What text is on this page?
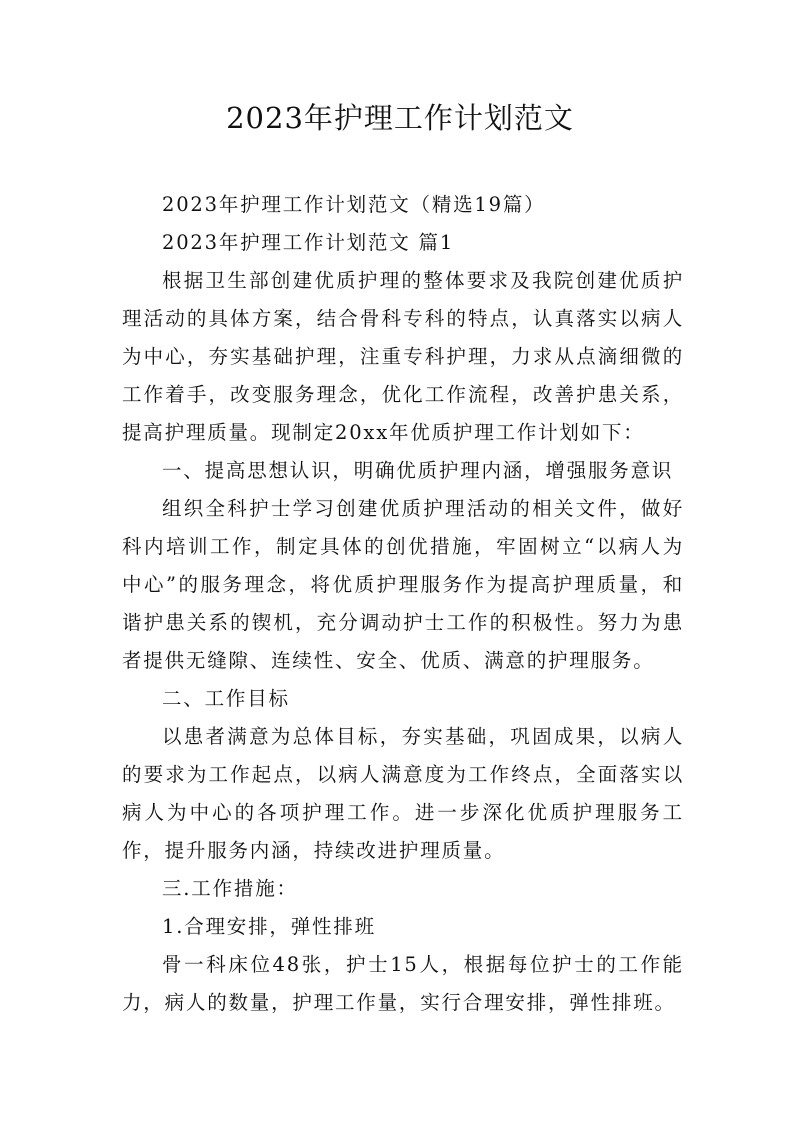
2023年护理工作计划范文

2023年护理工作计划范文（精选19篇）

2023年护理工作计划范文 篇1

根据卫生部创建优质护理的整体要求及我院创建优质护理活动的具体方案，结合骨科专科的特点，认真落实以病人为中心，夯实基础护理，注重专科护理，力求从点滴细微的工作着手，改变服务理念，优化工作流程，改善护患关系，提高护理质量。现制定20xx年优质护理工作计划如下：

一、提高思想认识，明确优质护理内涵，增强服务意识

组织全科护士学习创建优质护理活动的相关文件，做好科内培训工作，制定具体的创优措施，牢固树立“以病人为中心”的服务理念，将优质护理服务作为提高护理质量，和谐护患关系的锲机，充分调动护士工作的积极性。努力为患者提供无缝隙、连续性、安全、优质、满意的护理服务。

二、工作目标

以患者满意为总体目标，夯实基础，巩固成果，以病人的要求为工作起点，以病人满意度为工作终点，全面落实以病人为中心的各项护理工作。进一步深化优质护理服务工作，提升服务内涵，持续改进护理质量。

三.工作措施：

1.合理安排，弹性排班

骨一科床位48张，护士15人，根据每位护士的工作能力，病人的数量，护理工作量，实行合理安排，弹性排班。
